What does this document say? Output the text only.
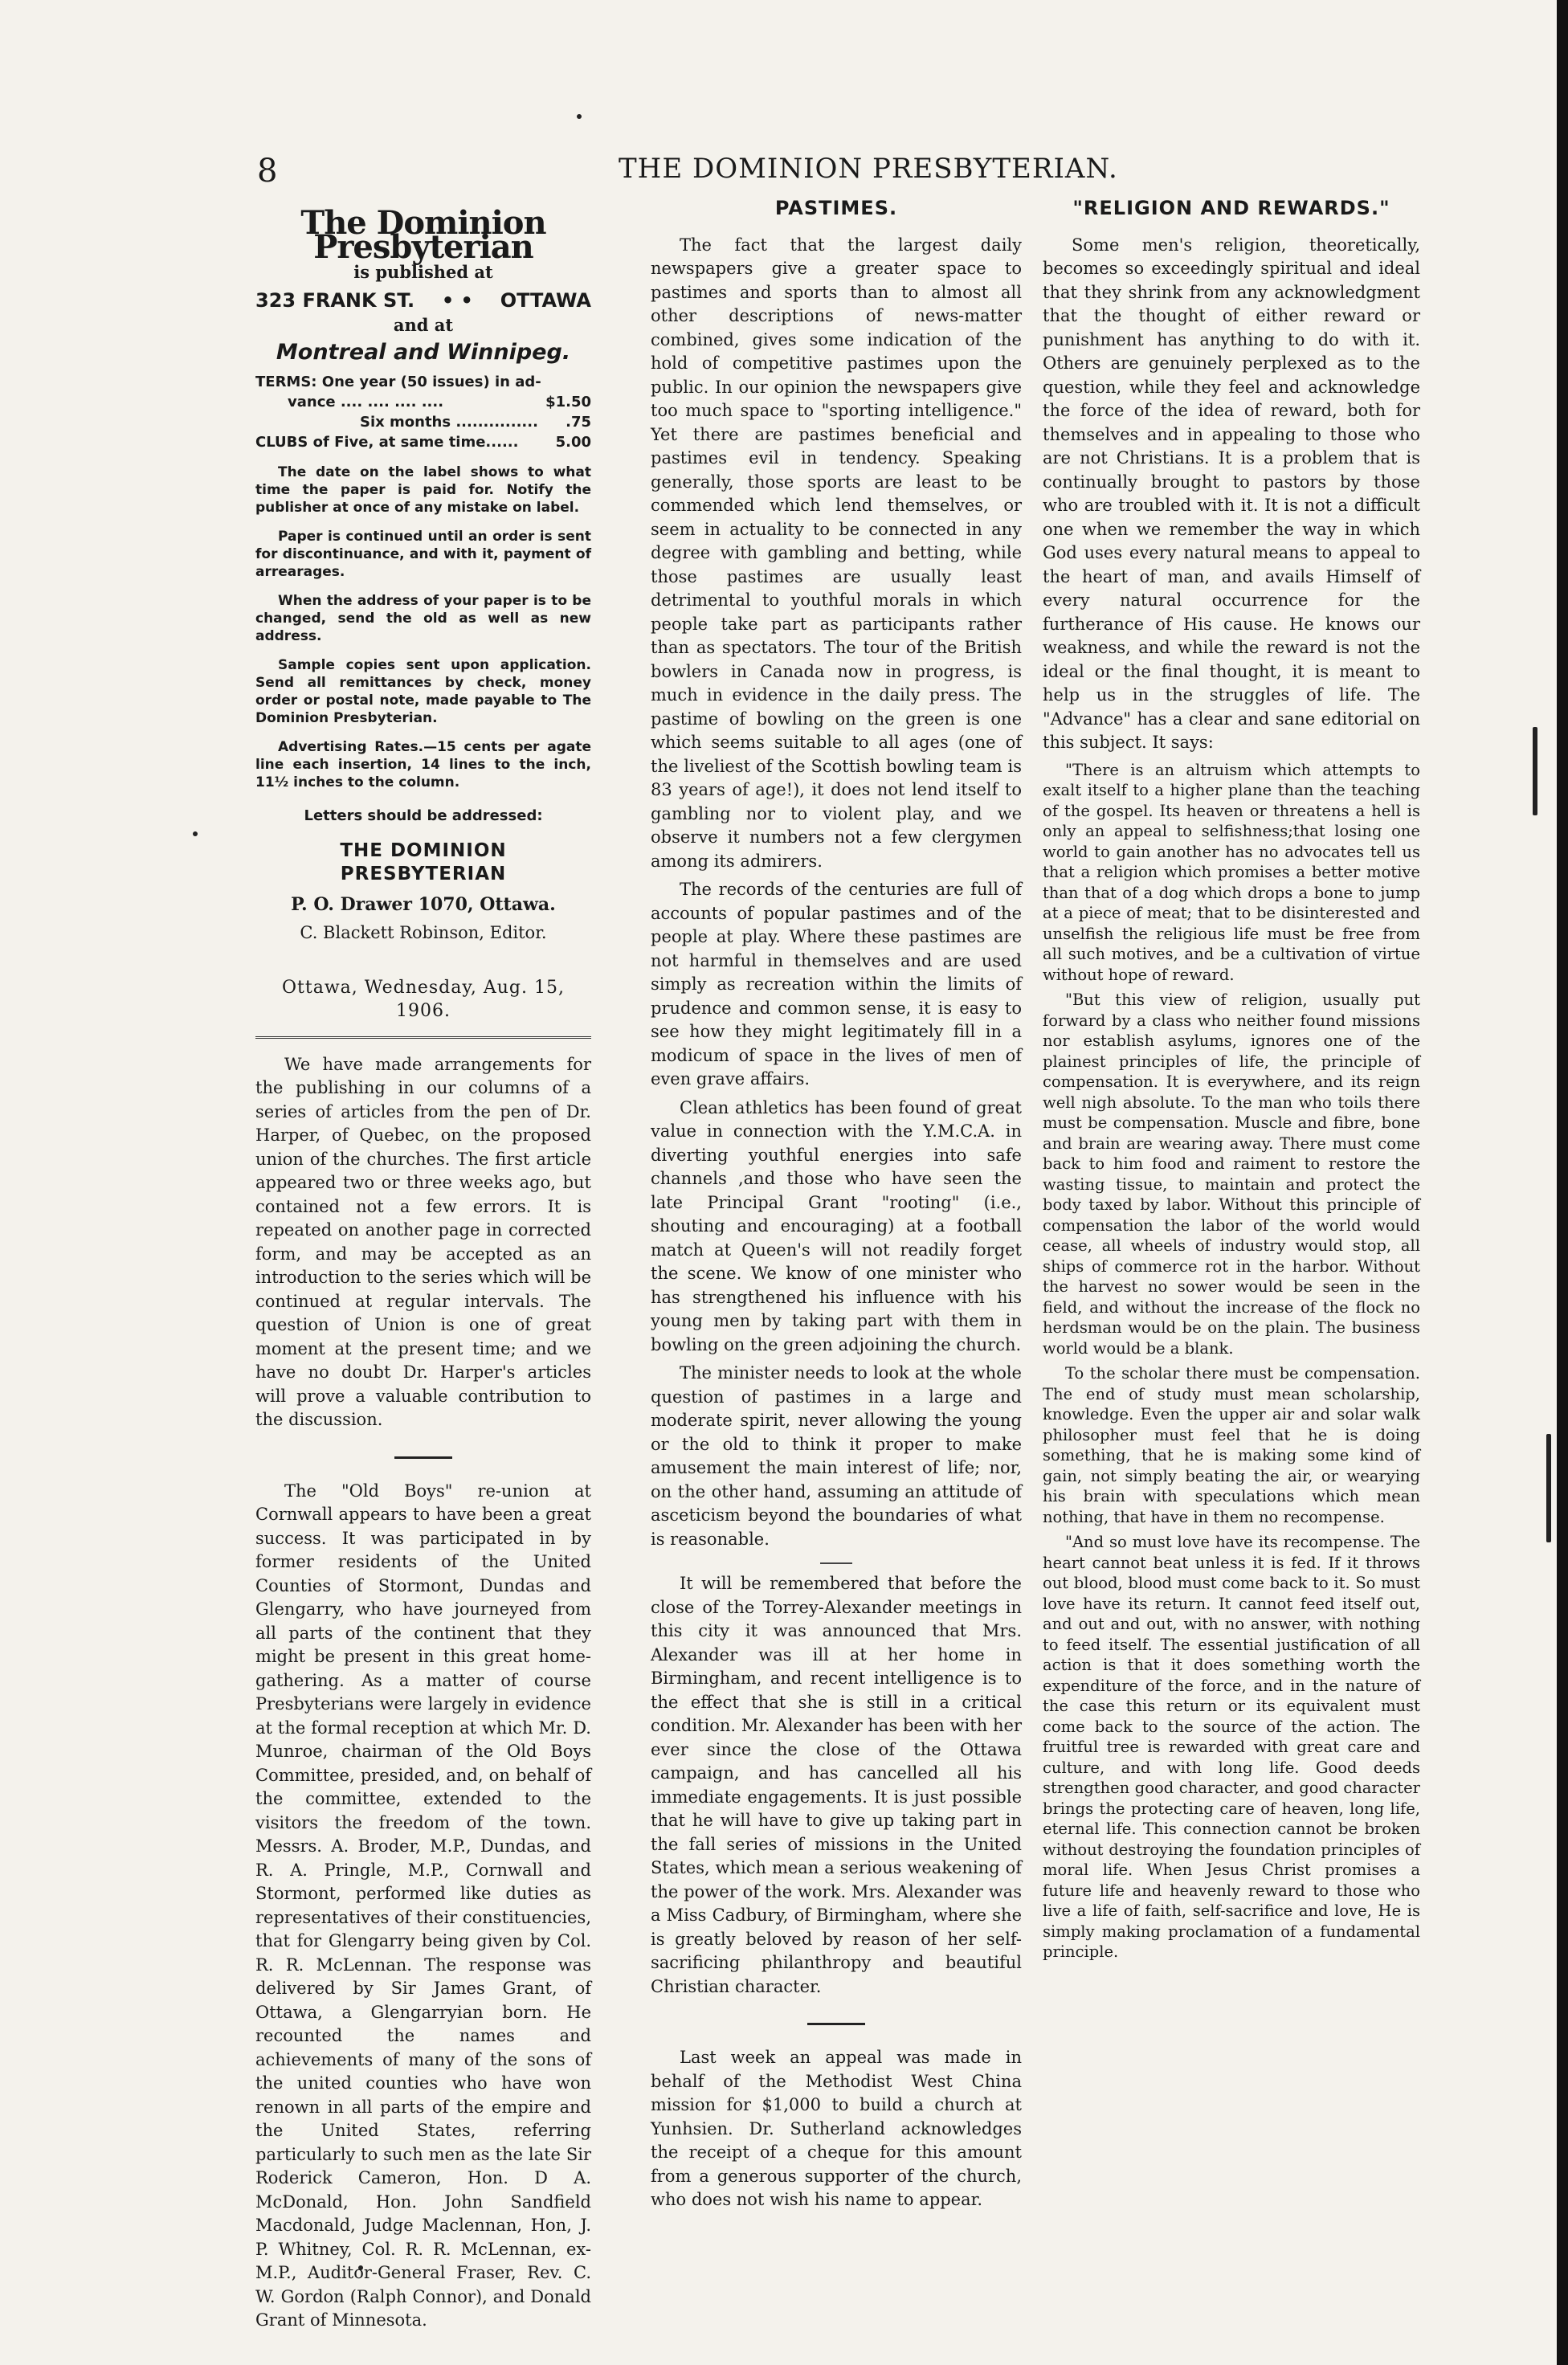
8	THE DOMINION PRESBYTERIAN.
The Dominion Presbyterian
is published at
323 FRANK ST. • • OTTAWA
and at
Montreal and Winnipeg.
TERMS: One year (50 issues) in ad-
vance .... .... .... ....	$1.50
Six months ............... .75
CLUBS of Five, at same time......	5.00
The date on the label shows to what time the paper is paid for. Notify the publisher at once of any mistake on label.
Paper is continued until an order is sent for discontinuance, and with it, payment of arrearages.
When the address of your paper is to be changed, send the old as well as new address.
Sample copies sent upon application. Send all remittances by check, money order or postal note, made payable to The Dominion Presbyterian.
Advertising Rates.—15 cents per agate line each insertion, 14 lines to the inch, 11½ inches to the column.
Letters should be addressed:
THE DOMINION PRESBYTERIAN
P. O. Drawer 1070, Ottawa.
C. Blackett Robinson, Editor.
Ottawa, Wednesday, Aug. 15, 1906.

We have made arrangements for the publishing in our columns of a series of articles from the pen of Dr. Harper, of Quebec, on the proposed union of the churches. The first article appeared two or three weeks ago, but contained not a few errors. It is repeated on another page in corrected form, and may be accepted as an introduction to the series which will be continued at regular intervals. The question of Union is one of great moment at the present time; and we have no doubt Dr. Harper's articles will prove a valuable contribution to the discussion.

The "Old Boys" re-union at Cornwall appears to have been a great success. It was participated in by former residents of the United Counties of Stormont, Dundas and Glengarry, who have journeyed from all parts of the continent that they might be present in this great home-gathering. As a matter of course Presbyterians were largely in evidence at the formal reception at which Mr. D. Munroe, chairman of the Old Boys Committee, presided, and, on behalf of the committee, extended to the visitors the freedom of the town. Messrs. A. Broder, M.P., Dundas, and R. A. Pringle, M.P., Cornwall and Stormont, performed like duties as representatives of their constituencies, that for Glengarry being given by Col. R. R. McLennan. The response was delivered by Sir James Grant, of Ottawa, a Glengarryian born. He recounted the names and achievements of many of the sons of the united counties who have won renown in all parts of the empire and the United States, referring particularly to such men as the late Sir Roderick Cameron, Hon. D A. McDonald, Hon. John Sandfield Macdonald, Judge Maclennan, Hon, J. P. Whitney, Col. R. R. McLennan, ex-M.P., Auditor-General Fraser, Rev. C. W. Gordon (Ralph Connor), and Donald Grant of Minnesota.

PASTIMES.

The fact that the largest daily newspapers give a greater space to pastimes and sports than to almost all other descriptions of news-matter combined, gives some indication of the hold of competitive pastimes upon the public. In our opinion the newspapers give too much space to "sporting intelligence." Yet there are pastimes beneficial and pastimes evil in tendency. Speaking generally, those sports are least to be commended which lend themselves, or seem in actuality to be connected in any degree with gambling and betting, while those pastimes are usually least detrimental to youthful morals in which people take part as participants rather than as spectators. The tour of the British bowlers in Canada now in progress, is much in evidence in the daily press. The pastime of bowling on the green is one which seems suitable to all ages (one of the liveliest of the Scottish bowling team is 83 years of age!), it does not lend itself to gambling nor to violent play, and we observe it numbers not a few clergymen among its admirers.

The records of the centuries are full of accounts of popular pastimes and of the people at play. Where these pastimes are not harmful in themselves and are used simply as recreation within the limits of prudence and common sense, it is easy to see how they might legitimately fill in a modicum of space in the lives of men of even grave affairs.

Clean athletics has been found of great value in connection with the Y.M.C.A. in diverting youthful energies into safe channels ,and those who have seen the late Principal Grant "rooting" (i.e., shouting and encouraging) at a football match at Queen's will not readily forget the scene. We know of one minister who has strengthened his influence with his young men by taking part with them in bowling on the green adjoining the church.

The minister needs to look at the whole question of pastimes in a large and moderate spirit, never allowing the young or the old to think it proper to make amusement the main interest of life; nor, on the other hand, assuming an attitude of asceticism beyond the boundaries of what is reasonable.

It will be remembered that before the close of the Torrey-Alexander meetings in this city it was announced that Mrs. Alexander was ill at her home in Birmingham, and recent intelligence is to the effect that she is still in a critical condition. Mr. Alexander has been with her ever since the close of the Ottawa campaign, and has cancelled all his immediate engagements. It is just possible that he will have to give up taking part in the fall series of missions in the United States, which mean a serious weakening of the power of the work. Mrs. Alexander was a Miss Cadbury, of Birmingham, where she is greatly beloved by reason of her self-sacrificing philanthropy and beautiful Christian character.

Last week an appeal was made in behalf of the Methodist West China mission for $1,000 to build a church at Yunhsien. Dr. Sutherland acknowledges the receipt of a cheque for this amount from a generous supporter of the church, who does not wish his name to appear.

"RELIGION AND REWARDS."

Some men's religion, theoretically, becomes so exceedingly spiritual and ideal that they shrink from any acknowledgment that the thought of either reward or punishment has anything to do with it. Others are genuinely perplexed as to the question, while they feel and acknowledge the force of the idea of reward, both for themselves and in appealing to those who are not Christians. It is a problem that is continually brought to pastors by those who are troubled with it. It is not a difficult one when we remember the way in which God uses every natural means to appeal to the heart of man, and avails Himself of every natural occurrence for the furtherance of His cause. He knows our weakness, and while the reward is not the ideal or the final thought, it is meant to help us in the struggles of life. The "Advance" has a clear and sane editorial on this subject. It says:

"There is an altruism which attempts to exalt itself to a higher plane than the teaching of the gospel. Its heaven or threatens a hell is only an appeal to selfishness;that losing one world to gain another has no advocates tell us that a religion which promises a better motive than that of a dog which drops a bone to jump at a piece of meat; that to be disinterested and unselfish the religious life must be free from all such motives, and be a cultivation of virtue without hope of reward.

"But this view of religion, usually put forward by a class who neither found missions nor establish asylums, ignores one of the plainest principles of life, the principle of compensation. It is everywhere, and its reign well nigh absolute. To the man who toils there must be compensation. Muscle and fibre, bone and brain are wearing away. There must come back to him food and raiment to restore the wasting tissue, to maintain and protect the body taxed by labor. Without this principle of compensation the labor of the world would cease, all wheels of industry would stop, all ships of commerce rot in the harbor. Without the harvest no sower would be seen in the field, and without the increase of the flock no herdsman would be on the plain. The business world would be a blank.

To the scholar there must be compensation. The end of study must mean scholarship, knowledge. Even the upper air and solar walk philosopher must feel that he is doing something, that he is making some kind of gain, not simply beating the air, or wearying his brain with speculations which mean nothing, that have in them no recompense.

"And so must love have its recompense. The heart cannot beat unless it is fed. If it throws out blood, blood must come back to it. So must love have its return. It cannot feed itself out, and out and out, with no answer, with nothing to feed itself. The essential justification of all action is that it does something worth the expenditure of the force, and in the nature of the case this return or its equivalent must come back to the source of the action. The fruitful tree is rewarded with great care and culture, and with long life. Good deeds strengthen good character, and good character brings the protecting care of heaven, long life, eternal life. This connection cannot be broken without destroying the foundation principles of moral life. When Jesus Christ promises a future life and heavenly reward to those who live a life of faith, self-sacrifice and love, He is simply making proclamation of a fundamental principle.
